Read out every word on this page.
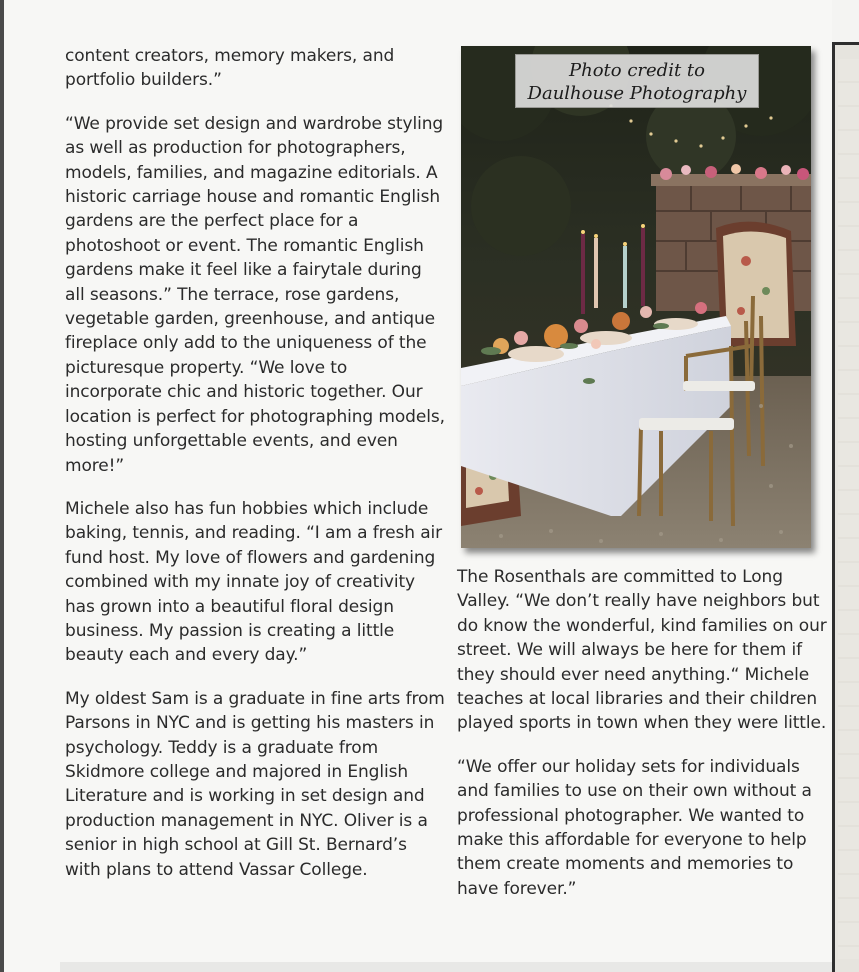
content creators, memory makers, and portfolio builders.”

“We provide set design and wardrobe styling as well as production for photographers, models, families, and magazine editorials. A historic carriage house and romantic English gardens are the perfect place for a photoshoot or event. The romantic English gardens make it feel like a fairytale during all seasons.” The terrace, rose gardens, vegetable garden, greenhouse, and antique fireplace only add to the uniqueness of the picturesque property. “We love to incorporate chic and historic together. Our location is perfect for photographing models, hosting unforgettable events, and even more!”

Michele also has fun hobbies which include baking, tennis, and reading. “I am a fresh air fund host. My love of flowers and gardening combined with my innate joy of creativity has grown into a beautiful floral design business. My passion is creating a little beauty each and every day.”

My oldest Sam is a graduate in fine arts from Parsons in NYC and is getting his masters in psychology. Teddy is a graduate from Skidmore college and majored in English Literature and is working in set design and production management in NYC. Oliver is a senior in high school at Gill St. Bernard’s with plans to attend Vassar College.

Photo credit to
Daulhouse Photography

The Rosenthals are committed to Long Valley. “We don’t really have neighbors but do know the wonderful, kind families on our street. We will always be here for them if they should ever need anything.“ Michele teaches at local libraries and their children played sports in town when they were little.

“We offer our holiday sets for individuals and families to use on their own without a professional photographer. We wanted to make this affordable for everyone to help them create moments and memories to have forever.”
